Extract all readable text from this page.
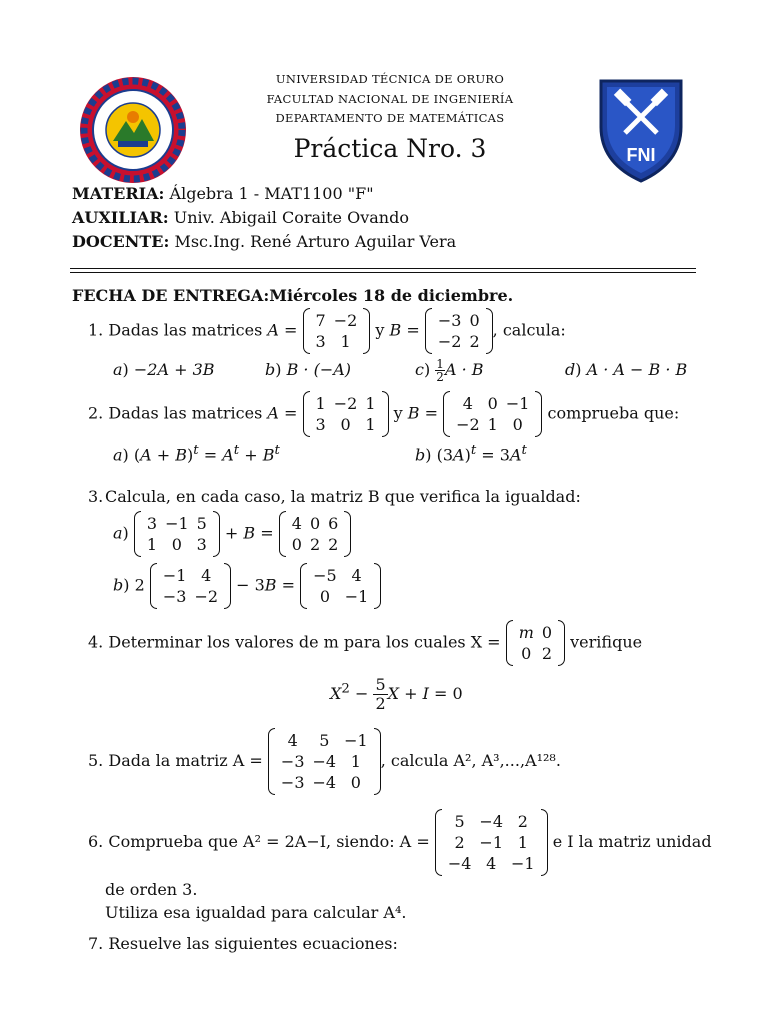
FNI
UNIVERSIDAD TÉCNICA DE ORURO
FACULTAD NACIONAL DE INGENIERÍA
DEPARTAMENTO DE MATEMÁTICAS
Práctica Nro. 3
MATERIA: Álgebra 1 - MAT1100 "F"
AUXILIAR: Univ. Abigail Coraite Ovando
DOCENTE: Msc.Ing. René Arturo Aguilar Vera
FECHA DE ENTREGA:Miércoles 18 de diciembre.
1. Dadas las matrices A = 7	−2
3	1
y B = −3	0
−2	2
, calcula:
a) −2A + 3B	b) B · (−A)	$c) \frac{1}{2}$ A · B	d) A · A − B · B
2. Dadas las matrices A = 1	−2	1
3	0	1
y B = 4	0	−1
−2	1	0
comprueba que:
a) $(A + B)^t = A^t + B^t$	b) $(3A)^t = 3A^t$
Calcula, en cada caso, la matriz B que verifica la igualdad:
3.
a) 3	−1	5
1	0	3
+ B = 4	0	6
0	2	2
b) 2 −1	4
−3	−2
− 3B = −5	4
0	−1
4. Determinar los valores de m para los cuales X = m	0
0	2
verifique
$X^2 - \frac{5}{2}$ X + I = 0
5. Dada la matriz A =
4	5	−1
−3	−4	1
−3	−4	0
, calcula A², A³,...,A¹²⁸.
6. Comprueba que A² = 2A−I, siendo: A =
5	−4	2
2	−1	1
−4	4	−1
e I la matriz unidad
de orden 3.
Utiliza esa igualdad para calcular A⁴.
7. Resuelve las siguientes ecuaciones:
